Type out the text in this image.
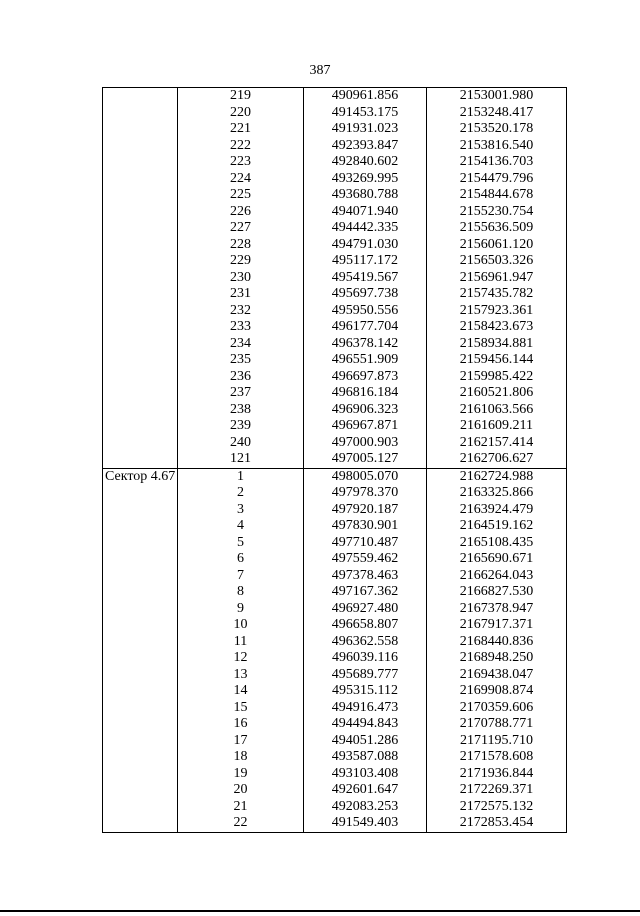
387
	219	490961.856	2153001.980
	220	491453.175	2153248.417
	221	491931.023	2153520.178
	222	492393.847	2153816.540
	223	492840.602	2154136.703
	224	493269.995	2154479.796
	225	493680.788	2154844.678
	226	494071.940	2155230.754
	227	494442.335	2155636.509
	228	494791.030	2156061.120
	229	495117.172	2156503.326
	230	495419.567	2156961.947
	231	495697.738	2157435.782
	232	495950.556	2157923.361
	233	496177.704	2158423.673
	234	496378.142	2158934.881
	235	496551.909	2159456.144
	236	496697.873	2159985.422
	237	496816.184	2160521.806
	238	496906.323	2161063.566
	239	496967.871	2161609.211
	240	497000.903	2162157.414
	121	497005.127	2162706.627
Сектор 4.67	1	498005.070	2162724.988
	2	497978.370	2163325.866
	3	497920.187	2163924.479
	4	497830.901	2164519.162
	5	497710.487	2165108.435
	6	497559.462	2165690.671
	7	497378.463	2166264.043
	8	497167.362	2166827.530
	9	496927.480	2167378.947
	10	496658.807	2167917.371
	11	496362.558	2168440.836
	12	496039.116	2168948.250
	13	495689.777	2169438.047
	14	495315.112	2169908.874
	15	494916.473	2170359.606
	16	494494.843	2170788.771
	17	494051.286	2171195.710
	18	493587.088	2171578.608
	19	493103.408	2171936.844
	20	492601.647	2172269.371
	21	492083.253	2172575.132
	22	491549.403	2172853.454
